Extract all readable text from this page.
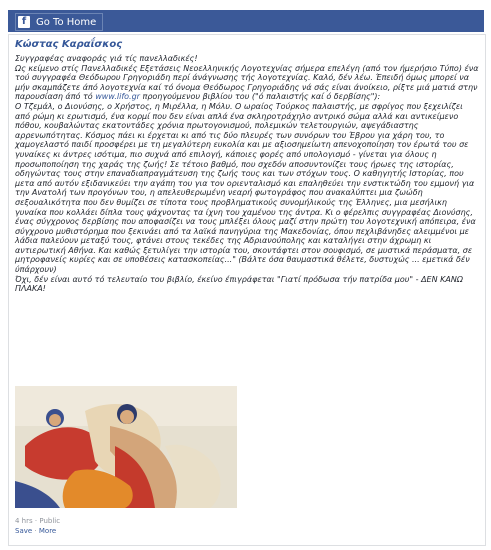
f Go To Home
Κώστας Καραΐσκος

Συγγραφέας αναφοράς γιά τίς πανελλαδικές!

Ως κείμενο στίς Πανελλαδικές Εξετάσεις Νεοελληνικής Λογοτεχνίας σήμερα επελέγη (από τον ήμερήσιο Τύπο) ένα τού συγγραφέα Θεόδωρου Γρηγοριάδη περί άνάγνωσης τής λογοτεχνίας. Καλό, δέν λέω. Έπειδή όμως μπορεί να μήν σκαμπάζετε άπό λογοτεχνία καί τό όνομα Θεόδωρος Γρηγοριάδης νά σάς είναι άνοίκειο, ρίξτε μιά ματιά στην παρουσίαση άπό τό www.lifo.gr προηγούμενου βιβλίου του ("ό παλαιστής καί ό δερβίσης"):

Ο Τζεμάλ, ο Διονύσης, ο Χρήστος, η Μιρέλλα, η Μόλυ. Ο ωραίος Τούρκος παλαιστής, με σφρίγος που ξεχειλίζει από ρώμη κι ερωτισμό, ένα κορμί που δεν είναι απλά ένα σκληροτράχηλο αντρικό σώμα αλλά και αντικείμενο πόθου, κουβαλώντας εκατοντάδες χρόνια πρωτογονισμού, πολεμικών τελετουργιών, αψεγάδιαστης αρρενωπότητας. Κόσμος πάει κι έρχεται κι από τις δύο πλευρές των συνόρων του Έβρου για χάρη του, το χαμογελαστό παιδί προσφέρει με τη μεγαλύτερη ευκολία και με αξιοσημείωτη απενοχοποίηση τον έρωτά του σε γυναίκες κι άντρες ισότιμα, πιο συχνά από επιλογή, κάποιες φορές από υπολογισμό - γίνεται για όλους η προσωποποίηση της χαράς της ζωής! Σε τέτοιο βαθμό, που σχεδόν αποσυντονίζει τους ήρωες της ιστορίας, οδηγώντας τους στην επαναδιαπραγμάτευση της ζωής τους και των στόχων τους. Ο καθηγητής Ιστορίας, που μετα από αυτόν εξιδανικεύει την αγάπη του για τον οριενταλισμό και επαληθεύει την ενστικτώδη του εμμονή για την Ανατολή των προγόνων του, η απελευθερωμένη νεαρή φωτογράφος που ανακαλύπτει μια ζωώδη σεξουαλικότητα που δεν θυμίζει σε τίποτα τους προβληματικούς συνομήλικούς της Έλληνες, μια μεσήλικη γυναίκα που κολλάει δίπλα τους ψάχνοντας τα ίχνη του χαμένου της άντρα. Κι ο φέρελπις συγγραφέας Διονύσης, ένας σύγχρονος δερβίσης που αποφασίζει να τους μπλέξει όλους μαζί στην πρώτη του λογοτεχνική απόπειρα, ένα σύγχρονο μυθιστόρημα που ξεκινάει από τα λαϊκά πανηγύρια της Μακεδονίας, όπου πεχλιβάνηδες αλειμμένοι με λάδια παλεύουν μεταξύ τους, φτάνει στους τεκέδες της Αδριανούπολης και καταλήγει στην άχρωμη κι αντιερωτική Αθήνα. Και καθώς ξετυλίγει την ιστορία του, σκοντάφτει στον σουφισμό, σε μυστικά περάσματα, σε μητροφανείς κυρίες και σε υποθέσεις κατασκοπείας..." (Βάλτε όσα θαυμαστικά θέλετε, δυστυχώς ... εμετικά δέν ύπάρχουν)

Όχι, δέν είναι αυτό τό τελευταίο του βιβλίο, έκείνο έπιγράφεται "Γιατί πρόδωσα τήν πατρίδα μου" - ΔΕΝ ΚΑΝΩ ΠΛΑΚΑ!

4 hrs · Public
Save · More
